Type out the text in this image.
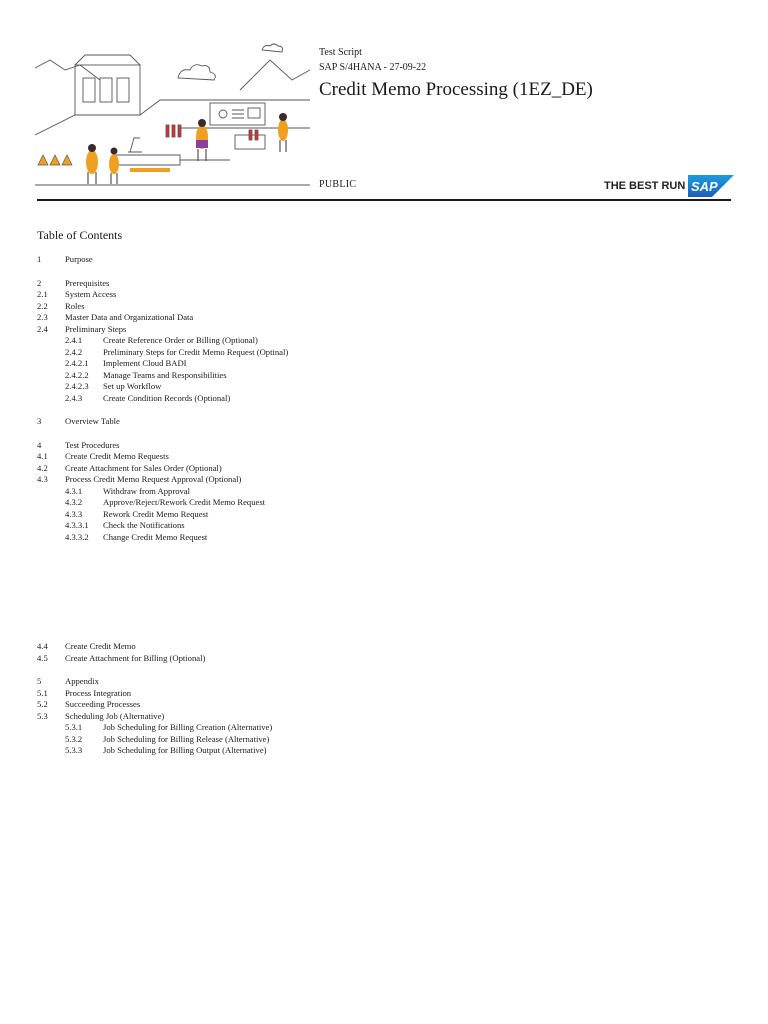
Test Script
SAP S/4HANA - 27-09-22
Credit Memo Processing (1EZ_DE)
PUBLIC	THE BEST RUN SAP
Table of Contents
1	Purpose
2	Prerequisites
2.1 System Access
2.2 Roles
2.3 Master Data and Organizational Data
2.4 Preliminary Steps
2.4.1 Create Reference Order or Billing (Optional)
2.4.2 Preliminary Steps for Credit Memo Request (Optinal)
2.4.2.1 Implement Cloud BADI
2.4.2.2 Manage Teams and Responsibilities
2.4.2.3 Set up Workflow
2.4.3 Create Condition Records (Optional)
3	Overview Table
4	Test Procedures
4.1 Create Credit Memo Requests
4.2 Create Attachment for Sales Order (Optional)
4.3 Process Credit Memo Request Approval (Optional)
4.3.1 Withdraw from Approval
4.3.2 Approve/Reject/Rework Credit Memo Request
4.3.3 Rework Credit Memo Request
4.3.3.1 Check the Notifications
4.3.3.2 Change Credit Memo Request
4.4 Create Credit Memo
4.5 Create Attachment for Billing (Optional)
5	Appendix
5.1 Process Integration
5.2 Succeeding Processes
5.3 Scheduling Job (Alternative)
5.3.1 Job Scheduling for Billing Creation (Alternative)
5.3.2 Job Scheduling for Billing Release (Alternative)
5.3.3 Job Scheduling for Billing Output (Alternative)
